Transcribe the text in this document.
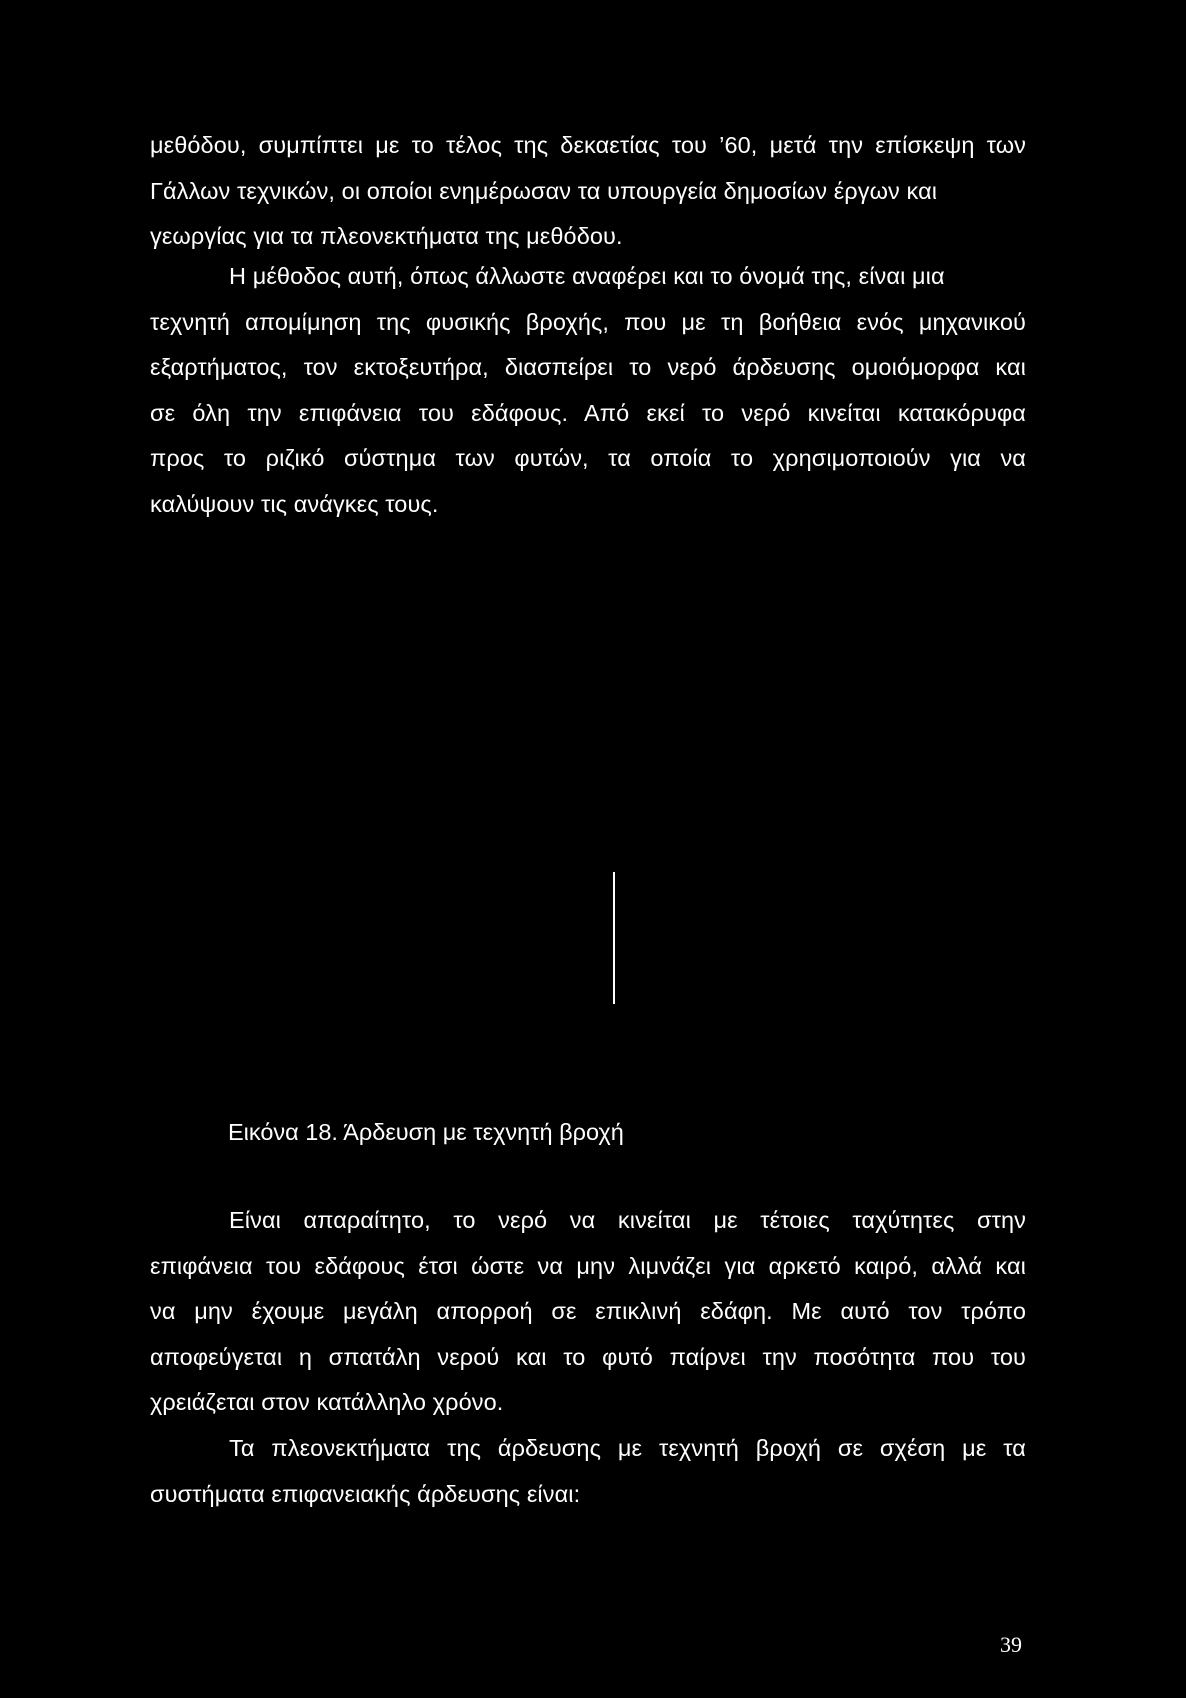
μεθόδου, συμπίπτει με το τέλος της δεκαετίας του ’60, μετά την επίσκεψη των
Γάλλων τεχνικών, οι οποίοι ενημέρωσαν τα υπουργεία δημοσίων έργων και
γεωργίας για τα πλεονεκτήματα της μεθόδου.

Η μέθοδος αυτή, όπως άλλωστε αναφέρει και το όνομά της, είναι μια
τεχνητή απομίμηση της φυσικής βροχής, που με τη βοήθεια ενός μηχανικού
εξαρτήματος, τον εκτοξευτήρα, διασπείρει το νερό άρδευσης ομοιόμορφα και
σε όλη την επιφάνεια του εδάφους. Από εκεί το νερό κινείται κατακόρυφα
προς το ριζικό σύστημα των φυτών, τα οποία το χρησιμοποιούν για να
καλύψουν τις ανάγκες τους.

Εικόνα 18. Άρδευση με τεχνητή βροχή

Είναι απαραίτητο, το νερό να κινείται με τέτοιες ταχύτητες στην
επιφάνεια του εδάφους έτσι ώστε να μην λιμνάζει για αρκετό καιρό, αλλά και
να μην έχουμε μεγάλη απορροή σε επικλινή εδάφη. Με αυτό τον τρόπο
αποφεύγεται η σπατάλη νερού και το φυτό παίρνει την ποσότητα που του
χρειάζεται στον κατάλληλο χρόνο.

Τα πλεονεκτήματα της άρδευσης με τεχνητή βροχή σε σχέση με τα
συστήματα επιφανειακής άρδευσης είναι:

39
